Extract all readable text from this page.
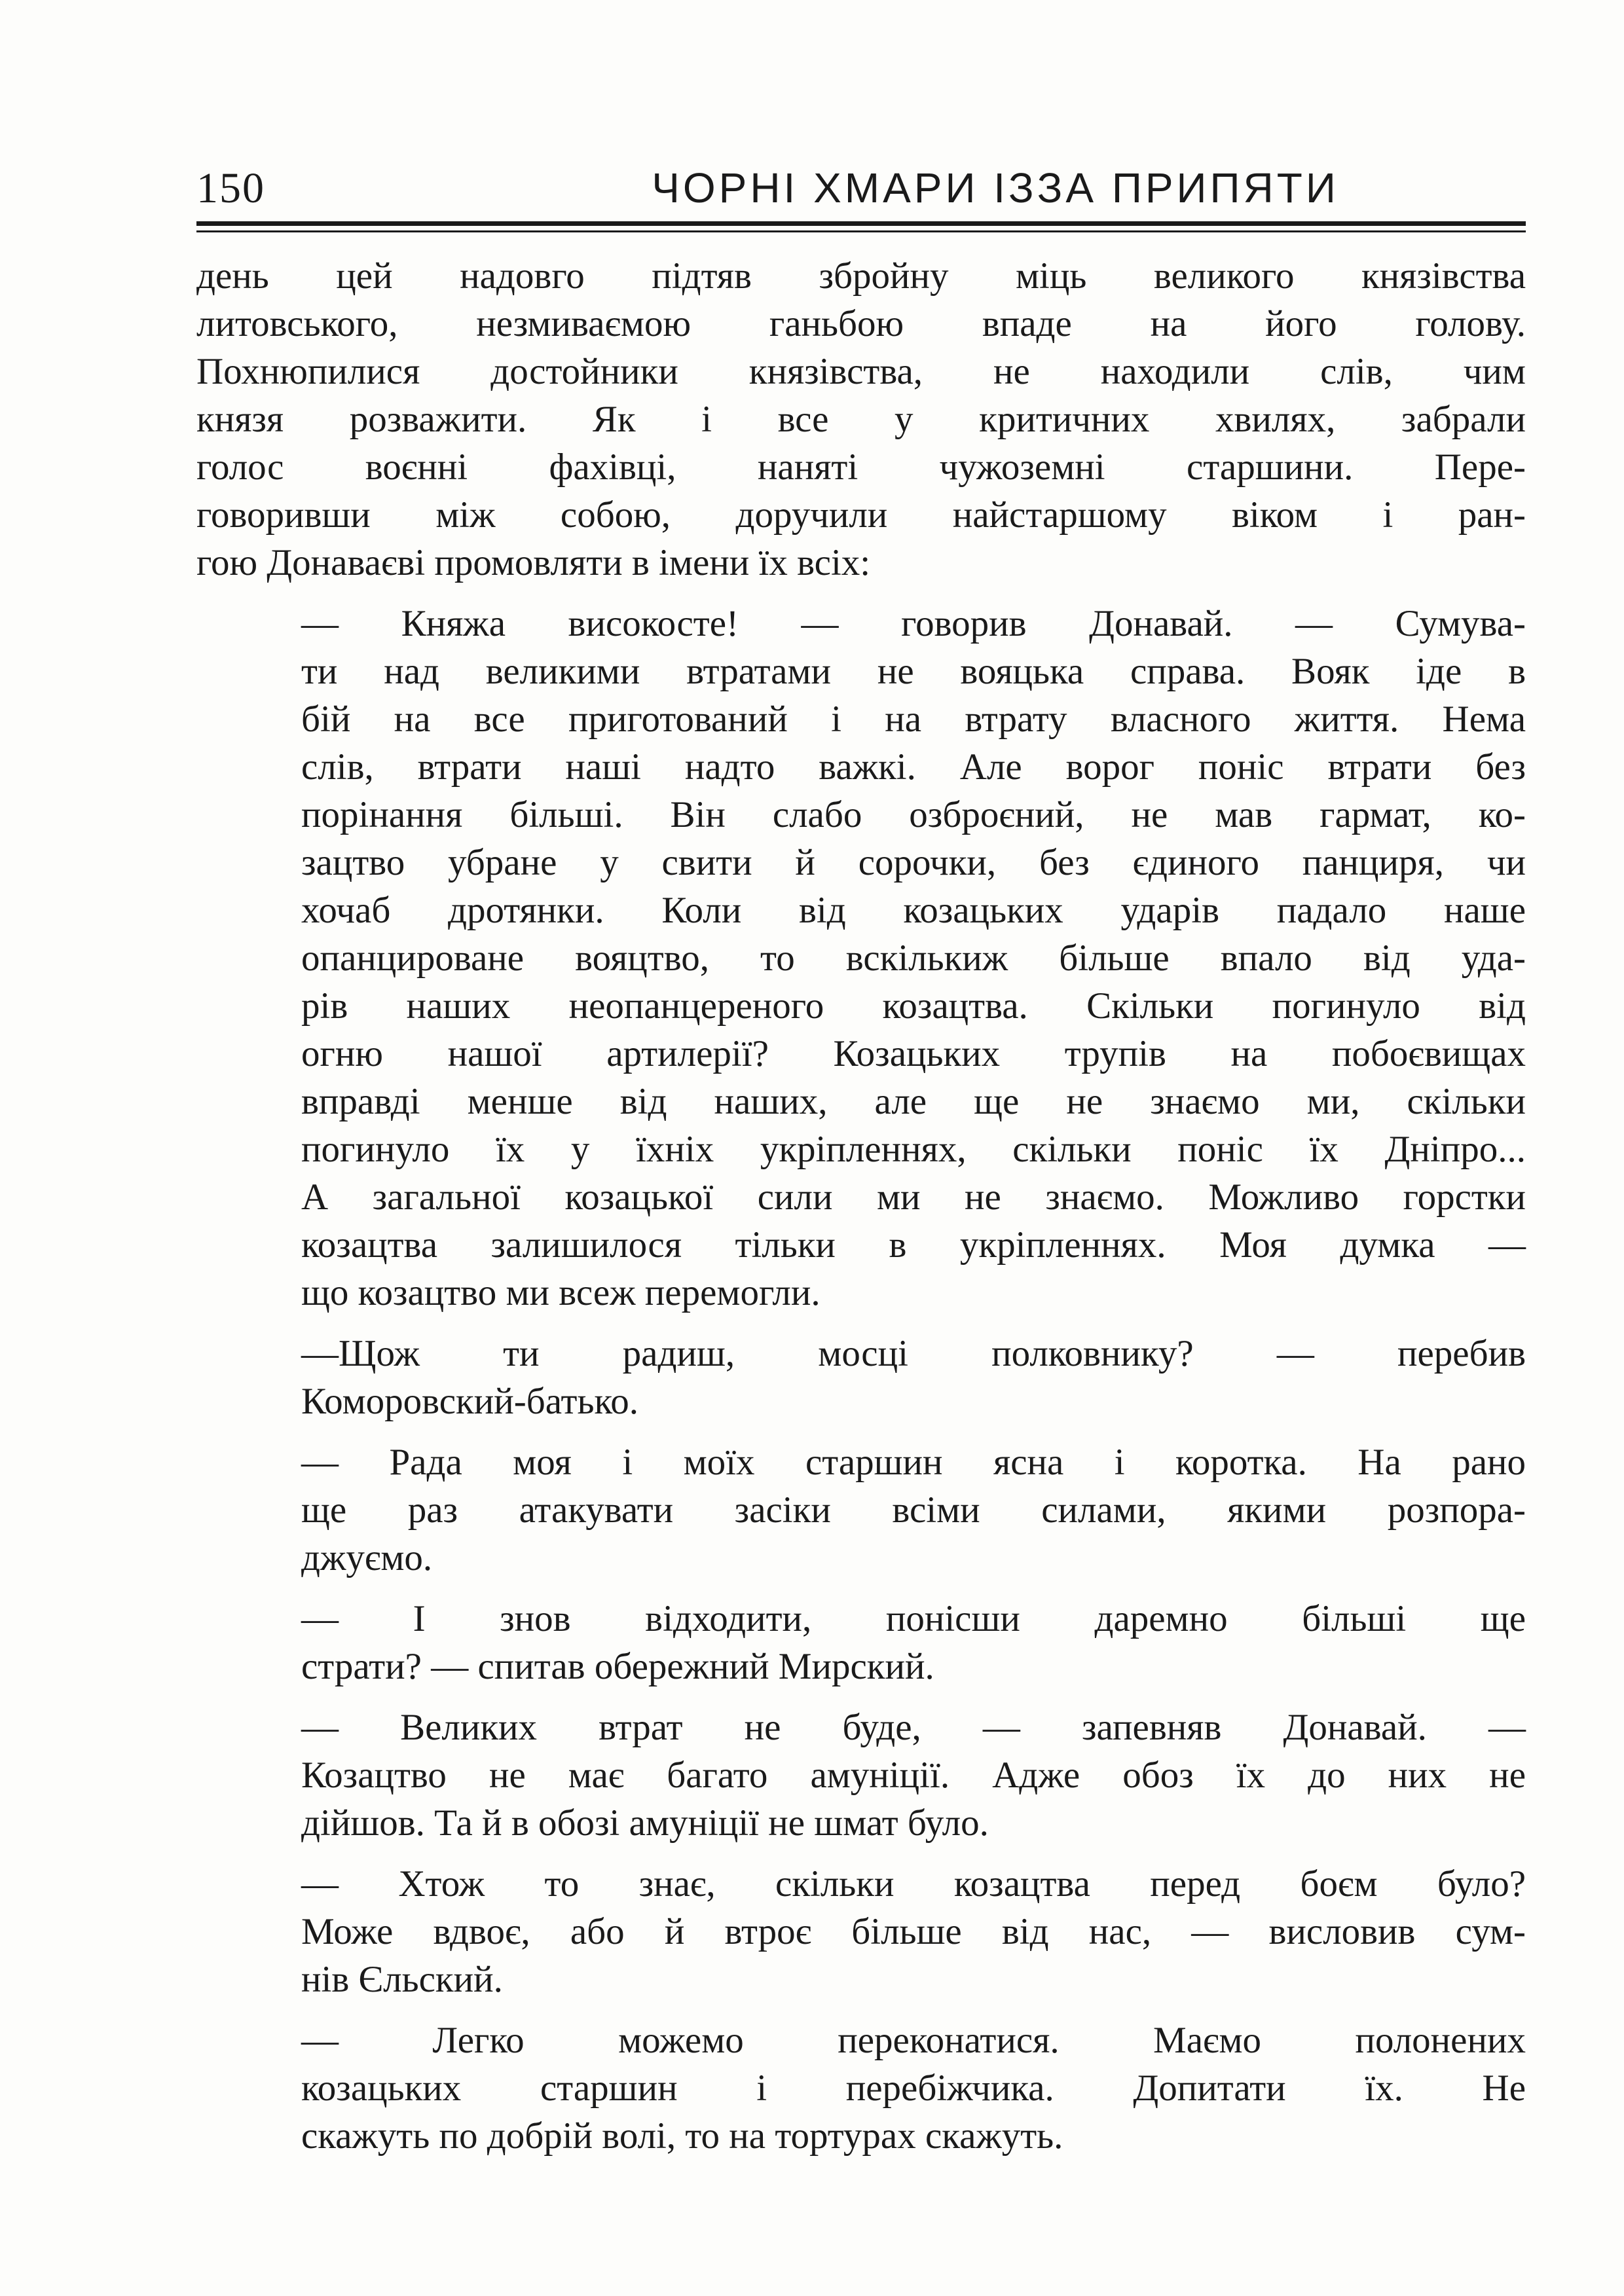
150	ЧОРНІ ХМАРИ ІЗЗА ПРИПЯТИ

день цей надовго підтяв збройну міць великого князівства
литовського, незмиваємою ганьбою впаде на його голову.
Похнюпилися достойники князівства, не находили слів, чим
князя розважити. Як і все у критичних хвилях, забрали
голос воєнні фахівці, наняті чужоземні старшини. Пере-
говоривши між собою, доручили найстаршому віком і ран-
гою Донаваєві промовляти в імени їх всіх:

— Княжа високосте! — говорив Донавай. — Сумува-
ти над великими втратами не вояцька справа. Вояк іде в
бій на все приготований і на втрату власного життя. Нема
слів, втрати наші надто важкі. Але ворог поніс втрати без
порінання більші. Він слабо озброєний, не мав гармат, ко-
зацтво убране у свити й сорочки, без єдиного панциря, чи
хочаб дротянки. Коли від козацьких ударів падало наше
опанцироване вояцтво, то вскількиж більше впало від уда-
рів наших неопанцереного козацтва. Скільки погинуло від
огню нашої артилерії? Козацьких трупів на побоєвищах
вправді менше від наших, але ще не знаємо ми, скільки
погинуло їх у їхніх укріпленнях, скільки поніс їх Дніпро...
А загальної козацької сили ми не знаємо. Можливо горстки
козацтва залишилося тільки в укріпленнях. Моя думка —
що козацтво ми всеж перемогли.

—Щож ти радиш, мосці полковнику? — перебив
Коморовский-батько.

— Рада моя і моїх старшин ясна і коротка. На рано
ще раз атакувати засіки всіми силами, якими розпора-
джуємо.

— І знов відходити, понісши даремно більші ще
страти? — спитав обережний Мирский.

— Великих втрат не буде, — запевняв Донавай. —
Козацтво не має багато амуніції. Адже обоз їх до них не
дійшов. Та й в обозі амуніції не шмат було.

— Хтож то знає, скільки козацтва перед боєм було?
Може вдвоє, або й втроє більше від нас, — висловив сум-
нів Єльский.

— Легко можемо переконатися. Маємо полонених
козацьких старшин і перебіжчика. Допитати їх. Не
скажуть по добрій волі, то на тортурах скажуть.
